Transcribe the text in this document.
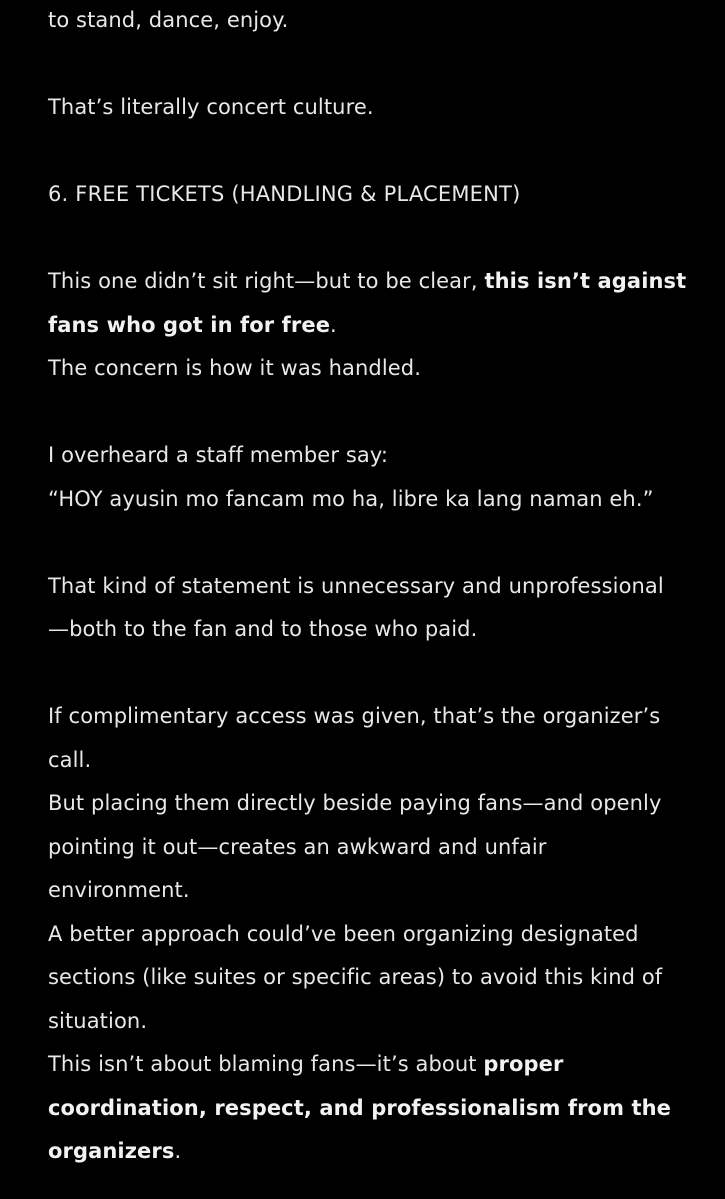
to stand, dance, enjoy.

That’s literally concert culture.

6. FREE TICKETS (HANDLING & PLACEMENT)

This one didn’t sit right—but to be clear, this isn’t against

fans who got in for free.

The concern is how it was handled.

I overheard a staff member say:

“HOY ayusin mo fancam mo ha, libre ka lang naman eh.”

That kind of statement is unnecessary and unprofessional

—both to the fan and to those who paid.

If complimentary access was given, that’s the organizer’s

call.

But placing them directly beside paying fans—and openly

pointing it out—creates an awkward and unfair

environment.

A better approach could’ve been organizing designated

sections (like suites or specific areas) to avoid this kind of

situation.

This isn’t about blaming fans—it’s about proper

coordination, respect, and professionalism from the

organizers.
